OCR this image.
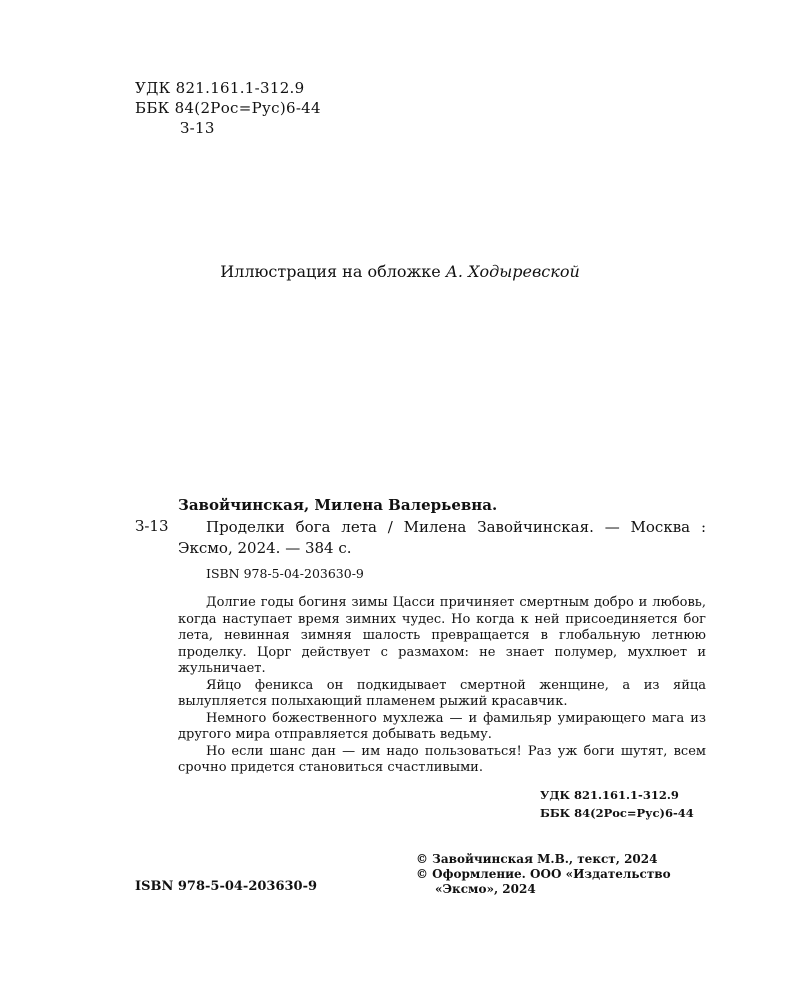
УДК 821.161.1-312.9
ББК 84(2Рос=Рус)6-44
З-13
Иллюстрация на обложке А. Ходыревской
Завойчинская, Милена Валерьевна.
З-13	Проделки бога лета / Милена Завойчинская. — Москва :
Эксмо, 2024. — 384 с.
ISBN 978-5-04-203630-9

Долгие годы богиня зимы Цасси причиняет смертным добро и любовь, когда наступает время зимних чудес. Но когда к ней присоединяется бог лета, невинная зимняя шалость превращается в глобальную летнюю проделку. Цорг действует с размахом: не знает полумер, мухлюет и жульничает.

Яйцо феникса он подкидывает смертной женщине, а из яйца вылупляется полыхающий пламенем рыжий красавчик.

Немного божественного мухлежа — и фамильяр умирающего мага из другого мира отправляется добывать ведьму.

Но если шанс дан — им надо пользоваться! Раз уж боги шутят, всем срочно придется становиться счастливыми.

УДК 821.161.1-312.9
ББК 84(2Рос=Рус)6-44
© Завойчинская М.В., текст, 2024
© Оформление. ООО «Издательство
«Эксмо», 2024
ISBN 978-5-04-203630-9
